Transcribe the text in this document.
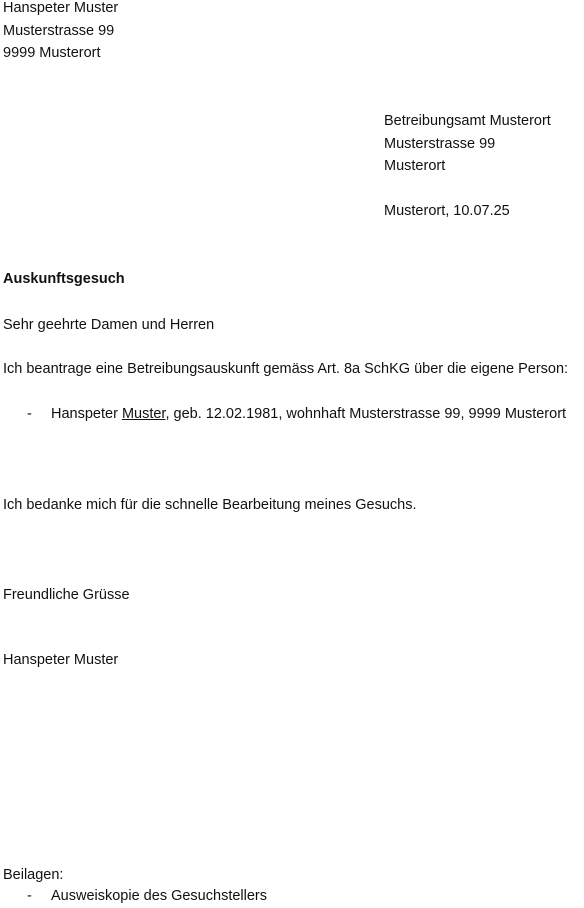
Hanspeter Muster
Musterstrasse 99
9999 Musterort
Betreibungsamt Musterort
Musterstrasse 99
Musterort
Musterort, 10.07.25
Auskunftsgesuch
Sehr geehrte Damen und Herren
Ich beantrage eine Betreibungsauskunft gemäss Art. 8a SchKG über die eigene Person:
- Hanspeter Muster, geb. 12.02.1981, wohnhaft Musterstrasse 99, 9999 Musterort
Ich bedanke mich für die schnelle Bearbeitung meines Gesuchs.
Freundliche Grüsse
Hanspeter Muster
Beilagen:
- Ausweiskopie des Gesuchstellers
